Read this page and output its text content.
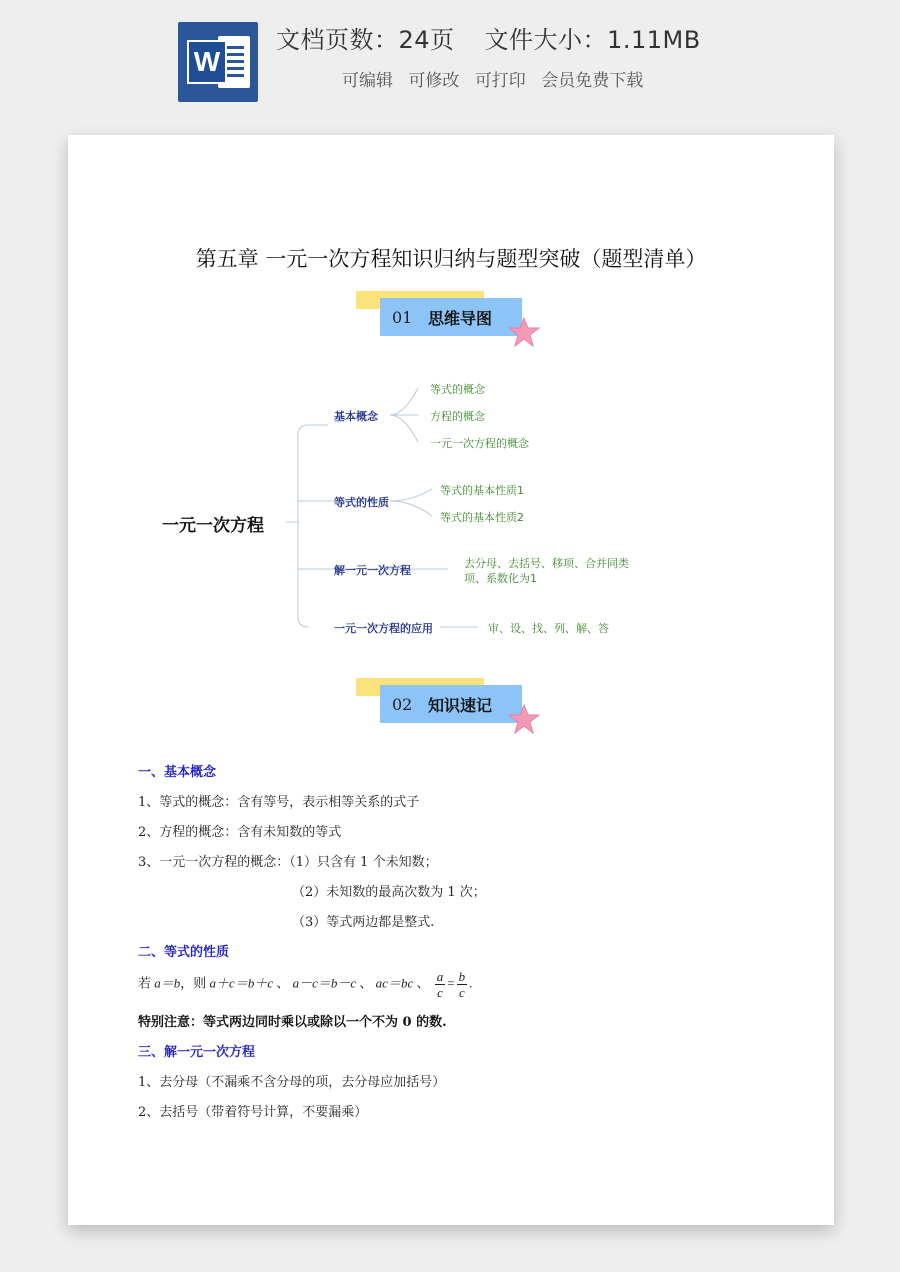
W
文档页数：24页 文件大小：1.11MB
可编辑 可修改 可打印 会员免费下载
第五章 一元一次方程知识归纳与题型突破（题型清单）
01 思维导图
一元一次方程
基本概念
等式的概念
方程的概念
一元一次方程的概念
等式的性质
等式的基本性质1
等式的基本性质2
解一元一次方程
去分母、去括号、移项、合并同类
项、系数化为1
一元一次方程的应用	审、设、找、列、解、答
02 知识速记
一、基本概念
1、等式的概念：含有等号，表示相等关系的式子
2、方程的概念：含有未知数的等式
3、一元一次方程的概念：（1）只含有 1 个未知数；
（2）未知数的最高次数为 1 次；
（3）等式两边都是整式.
二、等式的性质
若 a＝b，则 a＋c＝b＋c 、 a－c＝b－c 、 ac＝bc 、 $\frac{a}{c} = \frac{b}{c}$ .
特别注意：等式两边同时乘以或除以一个不为 0 的数.
三、解一元一次方程
1、去分母（不漏乘不含分母的项，去分母应加括号）
2、去括号（带着符号计算，不要漏乘）
